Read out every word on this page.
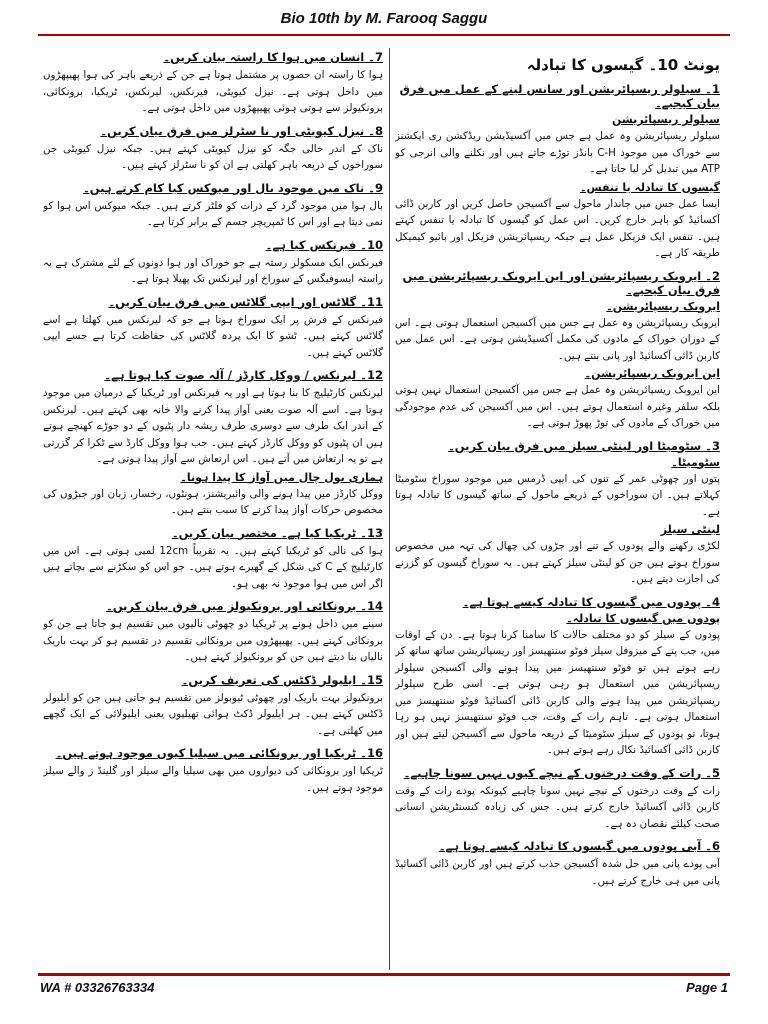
Bio 10th by M. Farooq Saggu
یونٹ 10۔ گیسوں کا تبادلہ
1۔ سیلولر ریسپائریشن اور سانس لینے کے عمل میں فرق بیان کیجیے۔
سیلولر ریسپائریشن
سیلولر ریسپائریشن وہ عمل ہے جس میں آکسیڈیشن ریڈکشن ری ایکشنز سے خوراک میں موجود C-H بانڈز توڑے جاتے ہیں اور نکلنے والی انرجی کو ATP میں تبدیل کر لیا جاتا ہے۔
گیسوں کا تبادلہ یا تنفس۔
ایسا عمل جس میں جاندار ماحول سے آکسیجن حاصل کریں اور کاربن ڈائی آکسائیڈ کو باہر خارج کریں۔ اس عمل کو گیسوں کا تبادلہ یا تنفس کہتے ہیں۔ تنفس ایک فزیکل عمل ہے جبکہ ریسپائریشن فزیکل اور بائیو کیمیکل طریقہ کار ہے۔
2۔ ایروبک ریسپائریشن اور این ایروبک ریسپائریشن میں فرق بیان کیجیے۔
ایروبک ریسپائریشن۔
ایروبک ریسپائریشن وہ عمل ہے جس میں آکسیجن استعمال ہوتی ہے۔ اس کے دوران خوراک کے مادوں کی مکمل آکسیڈیشن ہوتی ہے۔ اس عمل میں کاربن ڈائی آکسائیڈ اور پانی بنتے ہیں۔
این ایروبک ریسپائریشن۔
این ایروبک ریسپائریشن وہ عمل ہے جس میں آکسیجن استعمال نہیں ہوتی بلکہ سلفر وغیرہ استعمال ہوتے ہیں۔ اس میں آکسیجن کی عدم موجودگی میں خوراک کے مادوں کی توڑ پھوڑ ہوتی ہے۔
3۔ سٹومیٹا اور لینٹی سیلز میں فرق بیان کریں۔
سٹومیٹا۔
پتوں اور چھوٹی عمر کے تنوں کی ایپی ڈرمس میں موجود سوراخ سٹومیٹا کہلاتے ہیں۔ ان سوراخوں کے ذریعے ماحول کے ساتھ گیسوں کا تبادلہ ہوتا ہے۔
لینٹی سیلز
لکڑی رکھنے والے پودوں کے تنے اور جڑوں کی چھال کی تہہ میں مخصوص سوراخ ہوتے ہیں جن کو لینٹی سیلز کہتے ہیں۔ یہ سوراخ گیسوں کو گزرنے کی اجازت دیتے ہیں۔
4۔ پودوں میں گیسوں کا تبادلہ کیسے ہوتا ہے۔
پودوں میں گیسوں کا تبادلہ۔
پودوں کے سیلز کو دو مختلف حالات کا سامنا کرنا ہوتا ہے۔ دن کے اوقات میں، جب پتے کے میزوفل سیلز فوٹو سنتھیسز اور ریسپائریشن ساتھ ساتھ کر رہے ہوتے ہیں تو فوٹو سنتھیسز میں پیدا ہونے والی آکسیجن سیلولر ریسپائریشن میں استعمال ہو رہی ہوتی ہے۔ اسی طرح سیلولر ریسپائریشن میں پیدا ہونے والی کاربن ڈائی آکسائیڈ فوٹو سنتھیسز میں استعمال ہوتی ہے۔ تاہم رات کے وقت، جب فوٹو سنتھیسز نہیں ہو رہا ہوتا، تو پودوں کے سیلز سٹومیٹا کے ذریعہ ماحول سے آکسیجن لیتے ہیں اور کاربن ڈائی آکسائیڈ نکال رہے ہوتے ہیں۔
5۔ رات کے وقت درختوں کے نیچے کیوں نہیں سونا چاہیے۔
رات کے وقت درختوں کے نیچے نہیں سونا چاہیے کیونکہ پودے رات کے وقت کاربن ڈائی آکسائیڈ خارج کرتے ہیں۔ جس کی زیادہ کنسنٹریشن انسانی صحت کیلئے نقصان دہ ہے۔
6۔ آبی پودوں میں گیسوں کا تبادلہ کیسے ہوتا ہے۔
آبی پودے پانی میں حل شدہ آکسیجن جذب کرتے ہیں اور کاربن ڈائی آکسائیڈ پانی میں ہی خارج کرتے ہیں۔
7۔ انسان میں ہوا کا راستہ بیان کریں۔
ہوا کا راستہ ان حصوں پر مشتمل ہوتا ہے جن کے ذریعے باہر کی ہوا پھیپھڑوں میں داخل ہوتی ہے۔ نیزل کیویٹی، فیرنکس، لیرنکس، ٹریکیا، برونکائی، برونکیولز سے ہوتی ہوئی پھیپھڑوں میں داخل ہوتی ہے۔
8۔ نیزل کیویٹی اور نا سٹرلز میں فرق بیان کریں۔
ناک کے اندر خالی جگہ کو نیزل کیویٹی کہتے ہیں۔ جبکہ نیزل کیویٹی جن سوراخوں کے ذریعہ باہر کھلتی ہے ان کو نا سٹرلز کہتے ہیں۔
9۔ ناک میں موجود بال اور میوکس کیا کام کرتے ہیں۔
بال ہوا میں موجود گرد کے ذرات کو فلٹر کرتے ہیں۔ جبکہ میوکس اس ہوا کو نمی دیتا ہے اور اس کا ٹمپریچر جسم کے برابر کرتا ہے۔
10۔ فیرنکس کیا ہے۔
فیرنکس ایک مسکولر رستہ ہے جو خوراک اور ہوا دونوں کے لئے مشترک ہے یہ راستہ ایسوفیگس کے سوراخ اور لیرنکس تک پھیلا ہوتا ہے۔
11۔ گلاٹس اور ایپی گلاٹس میں فرق بیان کریں۔
فیرنکس کے فرش پر ایک سوراخ ہوتا ہے جو کہ لیرنکس میں کھلتا ہے اسے گلاٹس کہتے ہیں۔ ٹشو کا ایک پردہ گلاٹس کی حفاظت کرتا ہے جسے ایپی گلاٹس کہتے ہیں۔
12۔ لیرنکس / ووکل کارڈز / آلہ صوت کیا ہوتا ہے۔
لیرنکس کارٹیلیج کا بنا ہوتا ہے اور یہ فیرنکس اور ٹریکیا کے درمیان میں موجود ہوتا ہے۔ اسے آلہ صوت یعنی آواز پیدا کرنے والا خانہ بھی کہتے ہیں۔ لیرنکس کے اندر ایک طرف سے دوسری طرف ریشہ دار پٹیوں کے دو جوڑے کھنچے ہوتے ہیں ان پٹیوں کو ووکل کارڈز کہتے ہیں۔ جب ہوا ووکل کارڈ سے ٹکرا کر گزرتی ہے تو یہ ارتعاش میں آتے ہیں۔ اس ارتعاش سے آواز پیدا ہوتی ہے۔
ہماری بول چال میں آواز کا پیدا ہونا۔
ووکل کارڈز میں پیدا ہونے والی وائبریشنز، ہونٹوں، رخسار، زبان اور جبڑوں کی مخصوص حرکات آواز پیدا کرنے کا سبب بنتے ہیں۔
13۔ ٹریکیا کیا ہے۔ مختصر بیان کریں۔
ہوا کی نالی کو ٹریکیا کہتے ہیں۔ یہ تقریباً 12cm لمبی ہوتی ہے۔ اس میں کارٹیلیج کے C کی شکل کے گھیرے ہوتے ہیں۔ جو اس کو سکڑنے سے بچاتے ہیں اگر اس میں ہوا موجود نہ بھی ہو۔
14۔ برونکائی اور برونکیولز میں فرق بیان کریں۔
سینے میں داخل ہونے پر ٹریکیا دو چھوٹی نالیوں میں تقسیم ہو جاتا ہے جن کو برونکائی کہتے ہیں۔ پھیپھڑوں میں برونکائی تقسیم در تقسیم ہو کر بہت باریک نالیاں بنا دیتے ہیں جن کو برونکیولز کہتے ہیں۔
15۔ ایلیولر ڈکٹس کی تعریف کریں۔
برونکیولز بہت باریک اور چھوٹی ٹیوبولز میں تقسیم ہو جاتی ہیں جن کو ایلیولر ڈکٹس کہتے ہیں۔ ہر ایلیولر ڈکٹ ہوائی تھیلیوں یعنی ایلیولائی کے ایک گچھے میں کھلتی ہے۔
16۔ ٹریکیا اور برونکائی میں سیلیا کیوں موجود ہوتے ہیں۔
ٹریکیا اور برونکائی کی دیواروں میں بھی سیلیا والے سیلز اور گلینڈ ز والے سیلز موجود ہوتے ہیں۔
WA # 03326763334	Page 1
